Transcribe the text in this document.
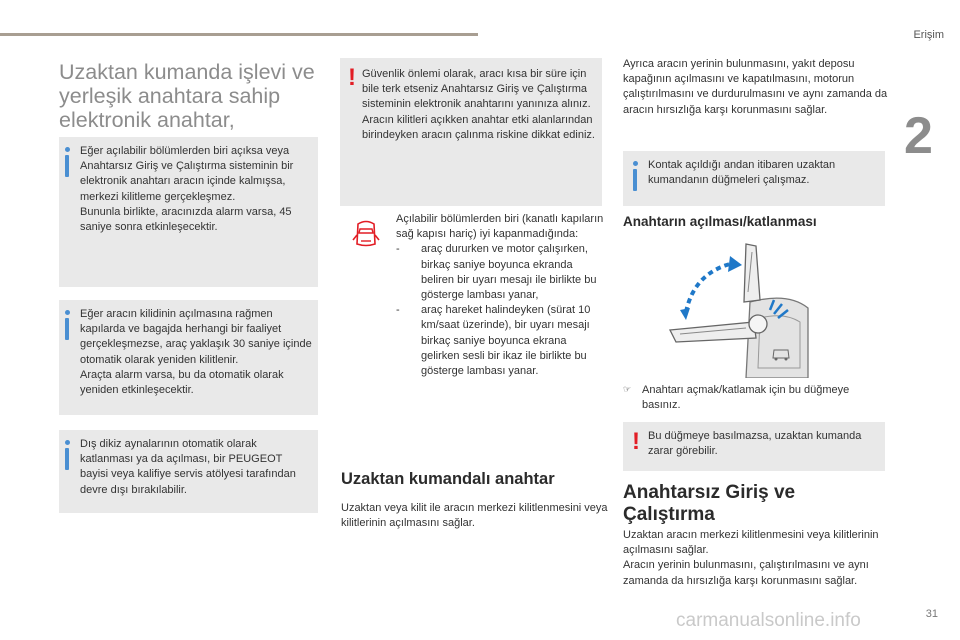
Erişim
2
Uzaktan kumanda işlevi ve yerleşik anahtara sahip elektronik anahtar,
Eğer açılabilir bölümlerden biri açıksa veya Anahtarsız Giriş ve Çalıştırma sisteminin bir elektronik anahtarı aracın içinde kalmışsa, merkezi kilitleme gerçekleşmez.
Bununla birlikte, aracınızda alarm varsa, 45 saniye sonra etkinleşecektir.
Eğer aracın kilidinin açılmasına rağmen kapılarda ve bagajda herhangi bir faaliyet gerçekleşmezse, araç yaklaşık 30 saniye içinde otomatik olarak yeniden kilitlenir.
Araçta alarm varsa, bu da otomatik olarak yeniden etkinleşecektir.
Dış dikiz aynalarının otomatik olarak katlanması ya da açılması, bir PEUGEOT bayisi veya kalifiye servis atölyesi tarafından devre dışı bırakılabilir.
! Güvenlik önlemi olarak, aracı kısa bir süre için bile terk etseniz Anahtarsız Giriş ve Çalıştırma sisteminin elektronik anahtarını yanınıza alınız.
Aracın kilitleri açıkken anahtar etki alanlarından birindeyken aracın çalınma riskine dikkat ediniz.
Açılabilir bölümlerden biri (kanatlı kapıların sağ kapısı hariç) iyi kapanmadığında:
- araç dururken ve motor çalışırken, birkaç saniye boyunca ekranda beliren bir uyarı mesajı ile birlikte bu gösterge lambası yanar,
- araç hareket halindeyken (sürat 10 km/saat üzerinde), bir uyarı mesajı birkaç saniye boyunca ekrana gelirken sesli bir ikaz ile birlikte bu gösterge lambası yanar.
Uzaktan kumandalı anahtar
Uzaktan veya kilit ile aracın merkezi kilitlenmesini veya kilitlerinin açılmasını sağlar.
Ayrıca aracın yerinin bulunmasını, yakıt deposu kapağının açılmasını ve kapatılmasını, motorun çalıştırılmasını ve durdurulmasını ve aynı zamanda da aracın hırsızlığa karşı korunmasını sağlar.
Kontak açıldığı andan itibaren uzaktan kumandanın düğmeleri çalışmaz.
Anahtarın açılması/katlanması
☞ Anahtarı açmak/katlamak için bu düğmeye basınız.
! Bu düğmeye basılmazsa, uzaktan kumanda zarar görebilir.
Anahtarsız Giriş ve Çalıştırma
Uzaktan aracın merkezi kilitlenmesini veya kilitlerinin açılmasını sağlar.
Aracın yerinin bulunmasını, çalıştırılmasını ve aynı zamanda da hırsızlığa karşı korunmasını sağlar.
carmanualsonline.info	31
